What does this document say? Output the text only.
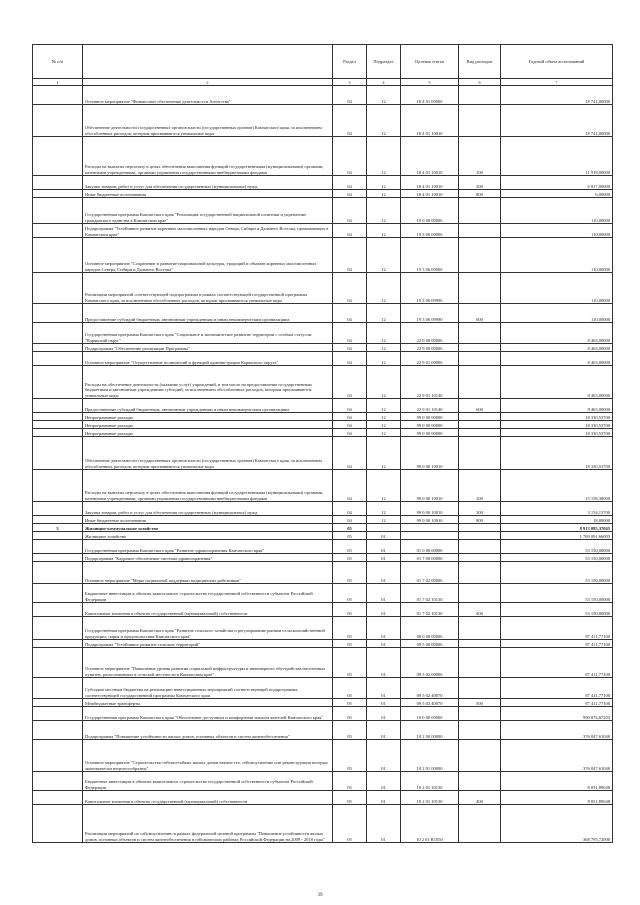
№ п/п		Раздел	Подраздел	Целевая статья	Вид расходов	Годовой объем ассигнований
1	2	3	4	5	6	7
	Основное мероприятие "Финансовое обеспечение деятельности Агентства"	04	12	18 4 01 00000		18 741,00000
	Обеспечение деятельности государственных органов власти (государственных органов) Камчатского края, за исключением обособленных расходов, которым присваиваются уникальные коды	04	12	18 4 01 10010		18 741,00000
	Расходы на выплаты персоналу в целях обеспечения выполнения функций государственными (муниципальными) органами, казенными учреждениями, органами управления государственными внебюджетными фондами	04	12	18 4 01 10010	100	11 918,00000
	Закупка товаров, работ и услуг для обеспечения государственных (муниципальных) нужд	04	12	18 4 01 10010	200	6 817,00000
	Иные бюджетные ассигнования	04	12	18 4 01 10010	800	6,00000
	Государственная программа Камчатского края "Реализация государственной национальной политики и укрепление гражданского единства в Камчатском крае"	04	12	19 0 00 00000		110,00000
	Подпрограмма "Устойчивое развитие коренных малочисленных народов Севера, Сибири и Дальнего Востока, проживающих в Камчатском крае"	04	12	19 3 00 00000		110,00000
	Основное мероприятие "Сохранение и развитие национальной культуры, традиций и обычаев коренных малочисленных народов Севера, Сибири и Дальнего Востока"	04	12	19 3 06 00000		110,00000
	Реализация мероприятий соответствующей подпрограммы в рамках соответствующей государственной программы Камчатского края, за исключением обособленных расходов, которым присваиваются уникальные коды	04	12	19 3 06 09990		110,00000
	Предоставление субсидий бюджетным, автономным учреждениям и иным некоммерческим организациям	04	12	19 3 06 09990	600	110,00000
	Государственная программа Камчатского края "Социальное и экономическое развитие территории с особым статусом "Корякский округ"	04	12	22 0 00 00000		8 463,00000
	Подпрограмма "Обеспечение реализации Программы"	04	12	22 9 00 00000		8 463,00000
	Основное мероприятие "Осуществление полномочий и функций администрации Корякского округа"	04	12	22 9 01 00000		8 463,00000
	Расходы на обеспечение деятельности (оказание услуг) учреждений, в том числе на предоставление государственным бюджетным и автономным учреждениям субсидий, за исключением обособленных расходов, которым присваиваются уникальные коды	04	12	22 9 01 10140		8 463,00000
	Предоставление субсидий бюджетным, автономным учреждениям и иным некоммерческим организациям	04	12	22 9 01 10140	600	8 463,00000
	Непрограммные расходы	04	12	99 0 00 00000		18 330,53700
	Непрограммные расходы	04	12	99 0 00 00000		18 330,53700
	Непрограммные расходы	04	12	99 0 00 00000		18 330,53700
	Обеспечение деятельности государственных органов власти (государственных органов) Камчатского края, за исключением обособленных расходов, которым присваиваются уникальные коды	04	12	99 0 00 10010		18 330,53700
	Расходы на выплаты персоналу в целях обеспечения выполнения функций государственными (муниципальными) органами, казенными учреждениями, органами управления государственными внебюджетными фондами	04	12	99 0 00 10010	100	15 158,38000
	Закупка товаров, работ и услуг для обеспечения государственных (муниципальных) нужд	04	12	99 0 00 10010	200	3 154,15700
	Иные бюджетные ассигнования	04	12	99 0 00 10010	800	18,00000
5	Жилищно-коммунальное хозяйство	05				8 913 085,37045
	Жилищное хозяйство	05	01			1 769 091,66003
	Государственная программа Камчатского края "Развитие здравоохранения Камчатского края"	05	01	01 0 00 00000		53 150,00000
	Подпрограмма "Кадровое обеспечение системы здравоохранения"	05	01	01 7 00 00000		53 150,00000
	Основное мероприятие "Меры социальной поддержки медицинских работников"	05	01	01 7 02 00000		53 150,00000
	Бюджетные инвестиции в объекты капитального строительства государственной собственности субъектов Российской Федерации	05	01	01 7 02 10130		53 150,00000
	Капитальные вложения в объекты государственной (муниципальной) собственности	05	01	01 7 02 10130	400	53 150,00000
	Государственная программа Камчатского края "Развитие сельского хозяйства и регулирование рынков сельскохозяйственной продукции, сырья и продовольствия Камчатского края"	05	01	08 0 00 00000		87 411,77100
	Подпрограмма "Устойчивое развитие сельских территорий"	05	01	09 5 00 00000		87 411,77100
	Основное мероприятие "Повышение уровня развития социальной инфраструктуры и инженерного обустройства населенных пунктов, расположенных в сельской местности в Камчатском крае"	05	01	09 5 02 00000		87 411,77100
	Субсидии местным бюджетам на реализацию инвестиционных мероприятий соответствующей подпрограммы соответствующей государственной программы Камчатского края	05	01	09 5 02 40070		87 411,77100
	Межбюджетные трансферты	05	01	09 5 02 40070	500	87 411,77100
	Государственная программа Камчатского края "Обеспечение доступным и комфортным жильем жителей Камчатского края"	05	01	10 0 00 00000		990 074,67203
	Подпрограмма "Повышение устойчивости жилых домов, основных объектов и систем жизнеобеспечения"	05	01	10 2 00 00000		376 847,61048
	Основное мероприятие "Строительство сейсмостойких жилых домов взамен тех, сейсмоусиление или реконструкция которых экономически нецелесообразны"	05	01	10 2 01 00000		376 847,61048
	Бюджетные инвестиции в объекты капитального строительства государственной собственности субъектов Российской Федерации	05	01	10 2 01 10130		8 051,89048
	Капитальные вложения в объекты государственной (муниципальной) собственности	05	01	10 2 01 10130	400	8 051,89048
	Реализация мероприятий по сейсмоусилению в рамках федеральной целевой программы "Повышение устойчивости жилых домов, основных объектов и систем жизнеобеспечения в сейсмических районах Российской Федерации на 2009 - 2018 годы"	05	01	10 2 01 R1050		368 795,72000
39
